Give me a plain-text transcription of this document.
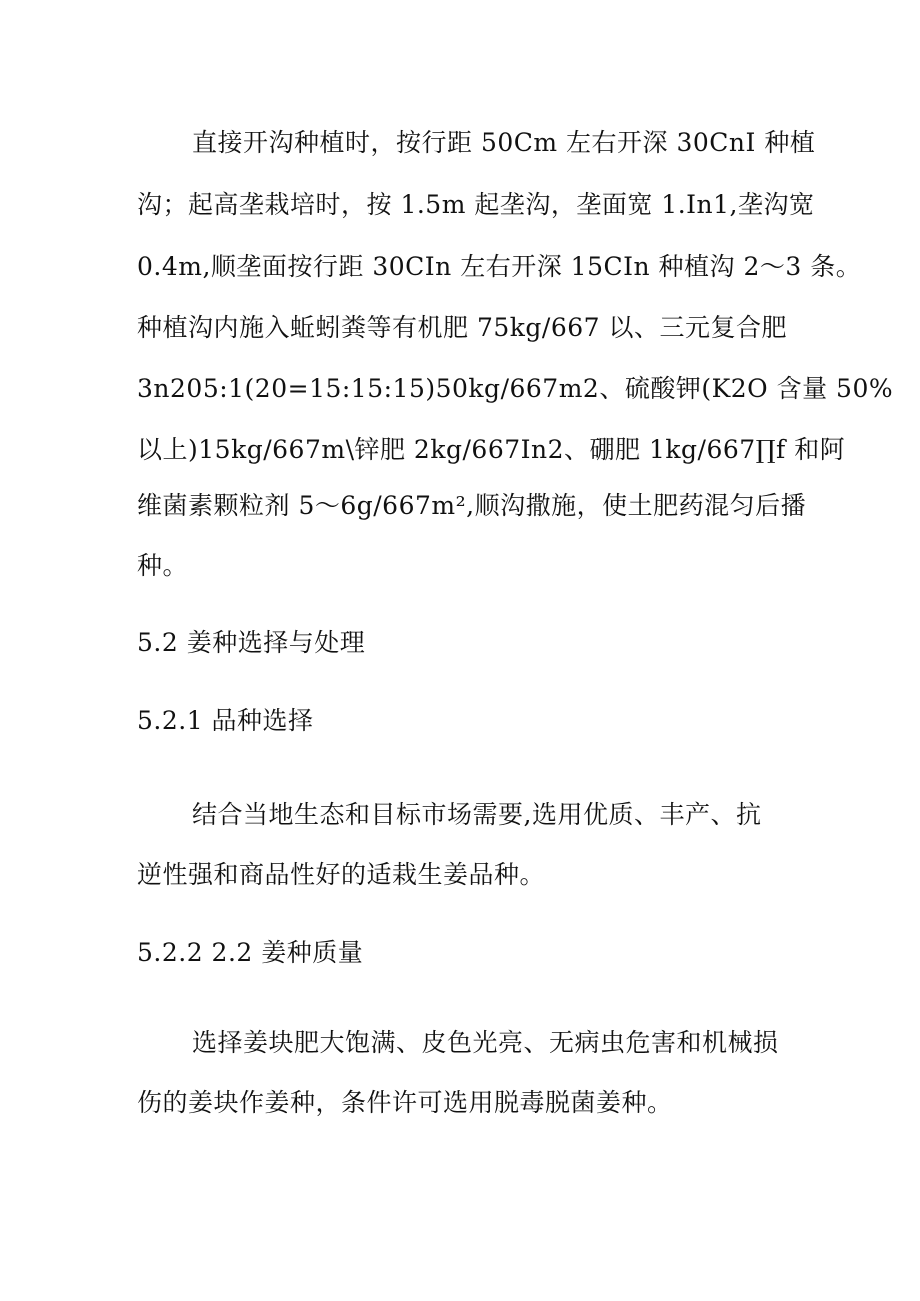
直接开沟种植时，按行距 50Cm 左右开深 30CnI 种植
沟；起高垄栽培时，按 1.5m 起垄沟，垄面宽 1.In1,垄沟宽
0.4m,顺垄面按行距 30CIn 左右开深 15CIn 种植沟 2～3 条。
种植沟内施入蚯蚓粪等有机肥 75kg/667 以、三元复合肥
3n205:1(20=15:15:15)50kg/667m2、硫酸钾(K2O 含量 50%
以上)15kg/667m\锌肥 2kg/667In2、硼肥 1kg/667∏f 和阿
维菌素颗粒剂 5～6g/667m²,顺沟撒施，使土肥药混匀后播
种。
5.2 姜种选择与处理
5.2.1 品种选择
结合当地生态和目标市场需要,选用优质、丰产、抗
逆性强和商品性好的适栽生姜品种。
5.2.2 2.2 姜种质量
选择姜块肥大饱满、皮色光亮、无病虫危害和机械损
伤的姜块作姜种，条件许可选用脱毒脱菌姜种。
